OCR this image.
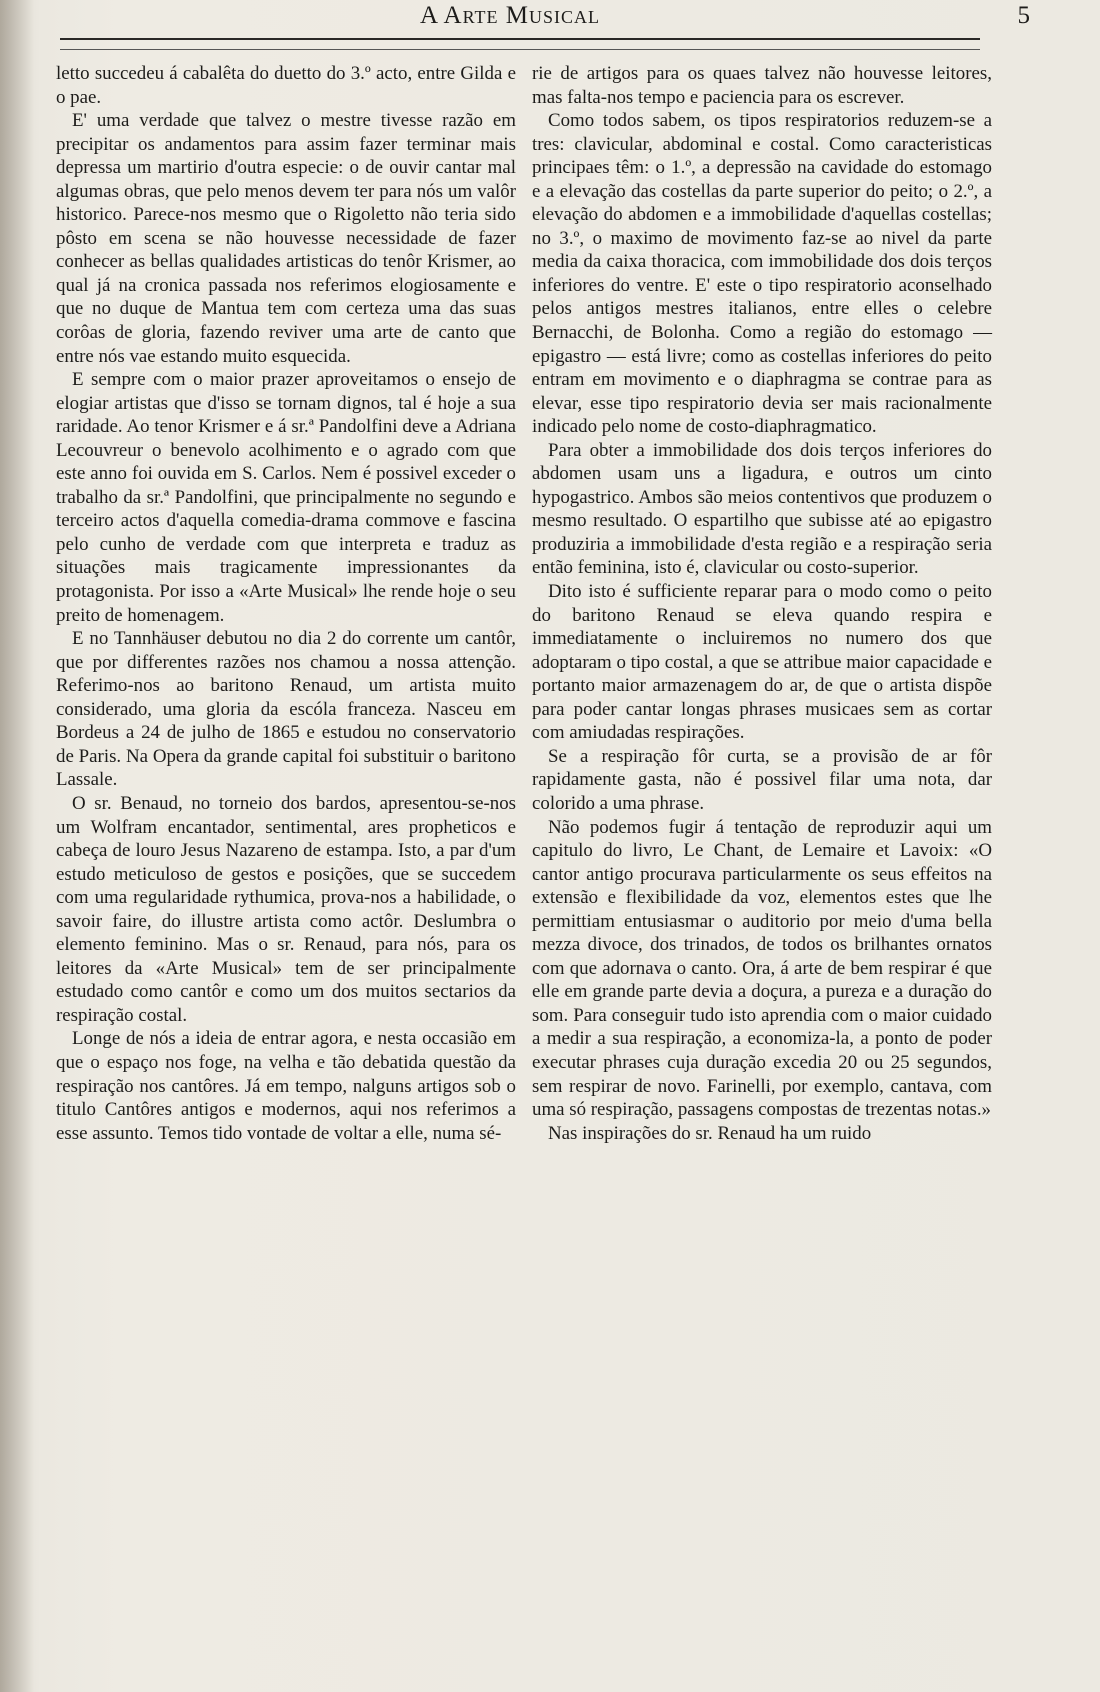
A Arte Musical	5

letto succedeu á cabalêta do duetto do 3.º acto, entre Gilda e o pae.

E' uma verdade que talvez o mestre tivesse razão em precipitar os andamentos para assim fazer terminar mais depressa um martirio d'outra especie: o de ouvir cantar mal algumas obras, que pelo menos devem ter para nós um valôr historico. Parece-nos mesmo que o Rigoletto não teria sido pôsto em scena se não houvesse necessidade de fazer conhecer as bellas qualidades artisticas do tenôr Krismer, ao qual já na cronica passada nos referimos elogiosamente e que no duque de Mantua tem com certeza uma das suas corôas de gloria, fazendo reviver uma arte de canto que entre nós vae estando muito esquecida.

E sempre com o maior prazer aproveitamos o ensejo de elogiar artistas que d'isso se tornam dignos, tal é hoje a sua raridade. Ao tenor Krismer e á sr.ª Pandolfini deve a Adriana Lecouvreur o benevolo acolhimento e o agrado com que este anno foi ouvida em S. Carlos. Nem é possivel exceder o trabalho da sr.ª Pandolfini, que principalmente no segundo e terceiro actos d'aquella comedia-drama commove e fascina pelo cunho de verdade com que interpreta e traduz as situações mais tragicamente impressionantes da protagonista. Por isso a «Arte Musical» lhe rende hoje o seu preito de homenagem.

E no Tannhäuser debutou no dia 2 do corrente um cantôr, que por differentes razões nos chamou a nossa attenção. Referimo-nos ao baritono Renaud, um artista muito considerado, uma gloria da escóla franceza. Nasceu em Bordeus a 24 de julho de 1865 e estudou no conservatorio de Paris. Na Opera da grande capital foi substituir o baritono Lassale.

O sr. Benaud, no torneio dos bardos, apresentou-se-nos um Wolfram encantador, sentimental, ares propheticos e cabeça de louro Jesus Nazareno de estampa. Isto, a par d'um estudo meticuloso de gestos e posições, que se succedem com uma regularidade rythumica, prova-nos a habilidade, o savoir faire, do illustre artista como actôr. Deslumbra o elemento feminino. Mas o sr. Renaud, para nós, para os leitores da «Arte Musical» tem de ser principalmente estudado como cantôr e como um dos muitos sectarios da respiração costal.

Longe de nós a ideia de entrar agora, e nesta occasião em que o espaço nos foge, na velha e tão debatida questão da respiração nos cantôres. Já em tempo, nalguns artigos sob o titulo Cantôres antigos e modernos, aqui nos referimos a esse assunto. Temos tido vontade de voltar a elle, numa sé-

rie de artigos para os quaes talvez não houvesse leitores, mas falta-nos tempo e paciencia para os escrever.

Como todos sabem, os tipos respiratorios reduzem-se a tres: clavicular, abdominal e costal. Como caracteristicas principaes têm: o 1.º, a depressão na cavidade do estomago e a elevação das costellas da parte superior do peito; o 2.º, a elevação do abdomen e a immobilidade d'aquellas costellas; no 3.º, o maximo de movimento faz-se ao nivel da parte media da caixa thoracica, com immobilidade dos dois terços inferiores do ventre. E' este o tipo respiratorio aconselhado pelos antigos mestres italianos, entre elles o celebre Bernacchi, de Bolonha. Como a região do estomago — epigastro — está livre; como as costellas inferiores do peito entram em movimento e o diaphragma se contrae para as elevar, esse tipo respiratorio devia ser mais racionalmente indicado pelo nome de costo-diaphragmatico.

Para obter a immobilidade dos dois terços inferiores do abdomen usam uns a ligadura, e outros um cinto hypogastrico. Ambos são meios contentivos que produzem o mesmo resultado. O espartilho que subisse até ao epigastro produziria a immobilidade d'esta região e a respiração seria então feminina, isto é, clavicular ou costo-superior.

Dito isto é sufficiente reparar para o modo como o peito do baritono Renaud se eleva quando respira e immediatamente o incluiremos no numero dos que adoptaram o tipo costal, a que se attribue maior capacidade e portanto maior armazenagem do ar, de que o artista dispõe para poder cantar longas phrases musicaes sem as cortar com amiudadas respirações.

Se a respiração fôr curta, se a provisão de ar fôr rapidamente gasta, não é possivel filar uma nota, dar colorido a uma phrase.

Não podemos fugir á tentação de reproduzir aqui um capitulo do livro, Le Chant, de Lemaire et Lavoix: «O cantor antigo procurava particularmente os seus effeitos na extensão e flexibilidade da voz, elementos estes que lhe permittiam entusiasmar o auditorio por meio d'uma bella mezza divoce, dos trinados, de todos os brilhantes ornatos com que adornava o canto. Ora, á arte de bem respirar é que elle em grande parte devia a doçura, a pureza e a duração do som. Para conseguir tudo isto aprendia com o maior cuidado a medir a sua respiração, a economiza-la, a ponto de poder executar phrases cuja duração excedia 20 ou 25 segundos, sem respirar de novo. Farinelli, por exemplo, cantava, com uma só respiração, passagens compostas de trezentas notas.»

Nas inspirações do sr. Renaud ha um ruido
